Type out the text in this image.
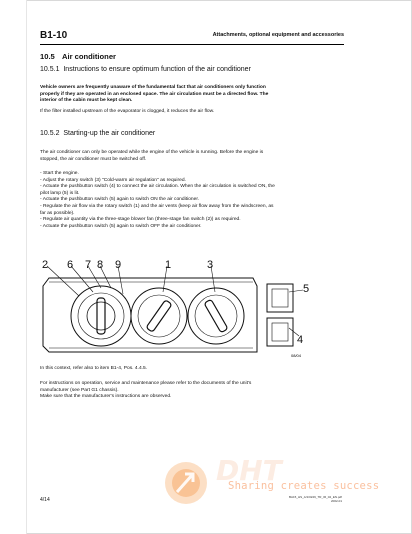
B1-10	Attachments, optional equipment and accessories
10.5 Air conditioner
10.5.1 Instructions to ensure optimum function of the air conditioner
Vehicle owners are frequently unaware of the fundamental fact that air conditioners only function
properly if they are operated in an enclosed space. The air circulation must be a directed flow. The
interior of the cabin must be kept clean.
If the filter installed upstream of the evaporator is clogged, it reduces the air flow.
10.5.2 Starting-up the air conditioner
The air conditioner can only be operated while the engine of the vehicle is running. Before the engine is
stopped, the air conditioner must be switched off.
- Start the engine.
- Adjust the rotary switch (3) "Cold-warm air regulation" as required.
- Actuate the pushbutton switch (4) to connect the air circulation. When the air circulation is switched ON, the
pilot lamp (5) is lit.
- Actuate the pushbutton switch (5) again to switch ON the air conditioner.
- Regulate the air flow via the rotary switch (1) and the air vents (keep air flow away from the windscreen, as
far as possible).
- Regulate air quantity via the three-stage blower fan (three-stage fan switch (2)) as required.
- Actuate the pushbutton switch (5) again to switch OFF the air conditioner.
2 6 7 8 9	1	3
5
4
08/04
In this context, refer also to item B1-4, Pos. 4.4.5.
For instructions on operation, service and maintenance please refer to the documents of the unit's
manufacturer (see Part G1 chassis).
Make sure that the manufacturer's instructions are observed.
DHT
Sharing creates success
4/14	BA15_HS_A/1/0229_TR_IR_02_EN.pdf
2002-01
